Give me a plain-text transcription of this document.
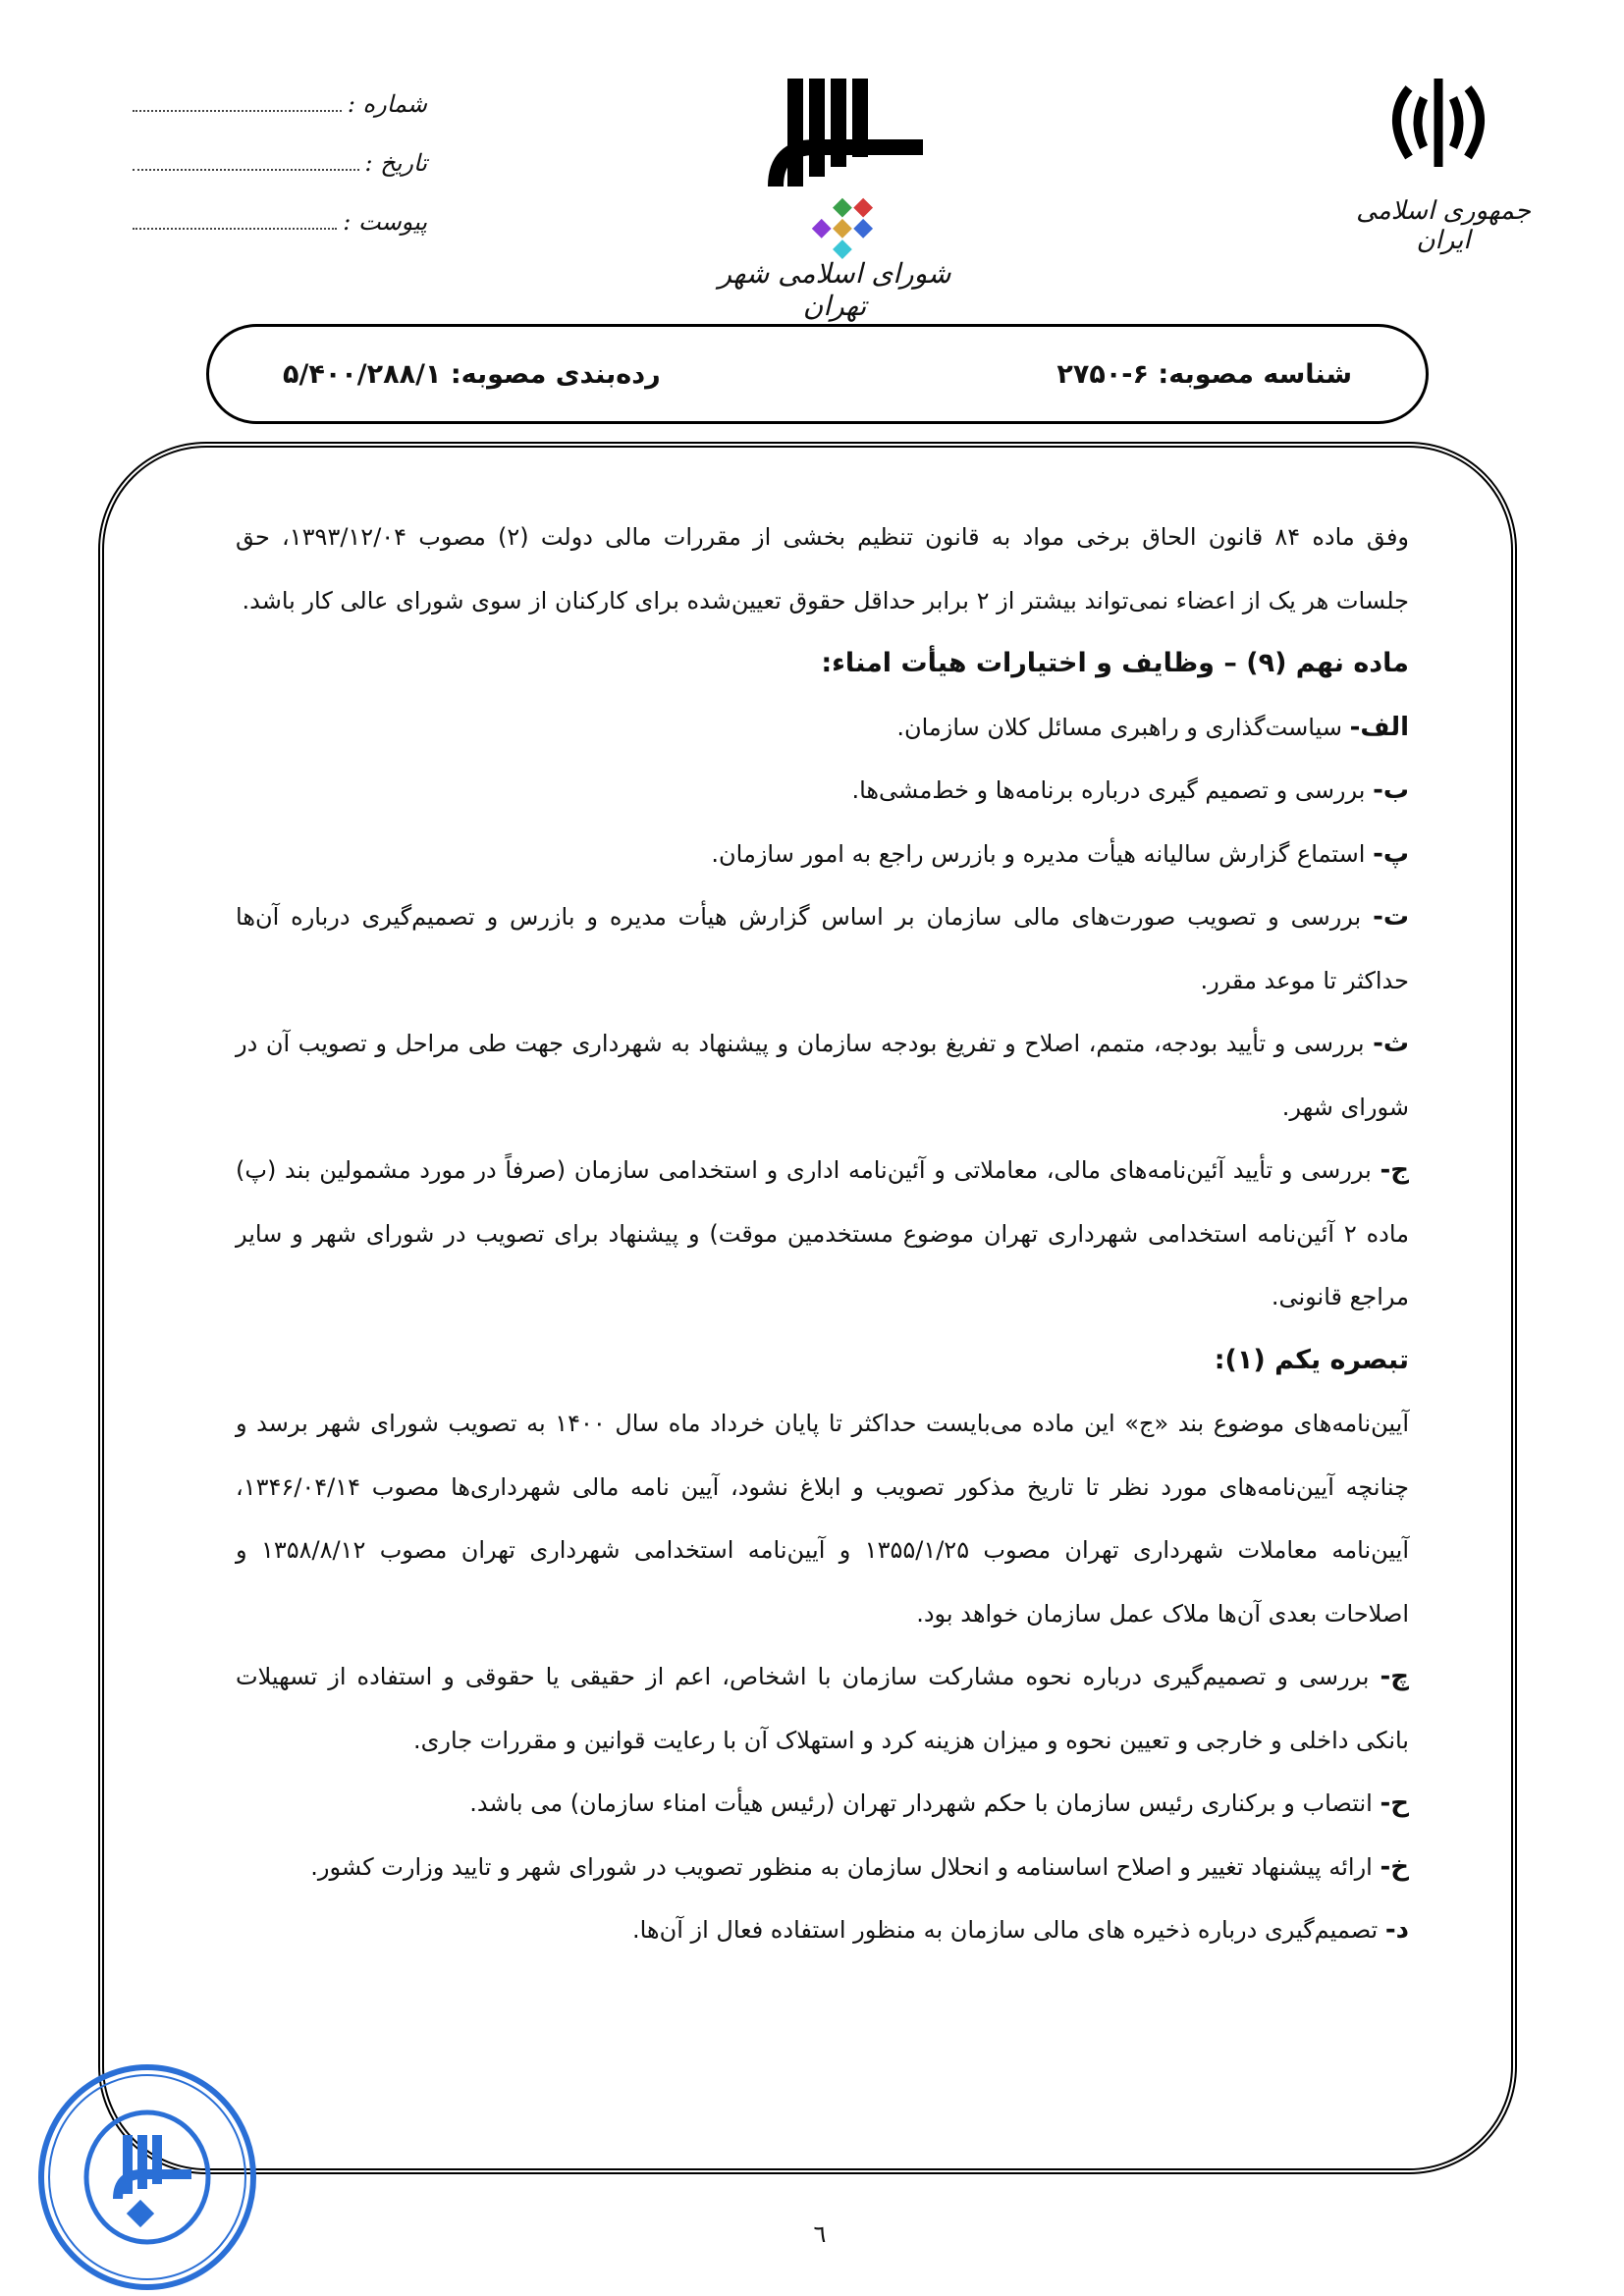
شماره :
تاریخ :
پیوست :
شورای اسلامی شهر تهران
جمهوری اسلامی ایران
شناسه مصوبه: ۶-۲۷۵۰
رده‌بندی مصوبه: ۵/۴۰۰/۲۸۸/۱

وفق ماده ۸۴ قانون الحاق برخی مواد به قانون تنظیم بخشی از مقررات مالی دولت (۲) مصوب ۱۳۹۳/۱۲/۰۴، حق جلسات هر یک از اعضاء نمی‌تواند بیشتر از ۲ برابر حداقل حقوق تعیین‌شده برای کارکنان از سوی شورای عالی کار باشد.

ماده نهم (۹) – وظایف و اختیارات هیأت امناء:

الف- سیاست‌گذاری و راهبری مسائل کلان سازمان.

ب- بررسی و تصمیم گیری درباره برنامه‌ها و خط‌مشی‌ها.

پ- استماع گزارش سالیانه هیأت مدیره و بازرس راجع به امور سازمان.

ت- بررسی و تصویب صورت‌های مالی سازمان بر اساس گزارش هیأت مدیره و بازرس و تصمیم‌گیری درباره آن‌ها حداکثر تا موعد مقرر.

ث- بررسی و تأیید بودجه، متمم، اصلاح و تفریغ بودجه سازمان و پیشنهاد به شهرداری جهت طی مراحل و تصویب آن در شورای شهر.

ج- بررسی و تأیید آئین‌نامه‌های مالی، معاملاتی و آئین‌نامه اداری و استخدامی سازمان (صرفاً در مورد مشمولین بند (پ) ماده ۲ آئین‌نامه استخدامی شهرداری تهران موضوع مستخدمین موقت) و پیشنهاد برای تصویب در شورای شهر و سایر مراجع قانونی.

تبصره یکم (۱):

آیین‌نامه‌های موضوع بند «ج» این ماده می‌بایست حداکثر تا پایان خرداد ماه سال ۱۴۰۰ به تصویب شورای شهر برسد و چنانچه آیین‌نامه‌های مورد نظر تا تاریخ مذکور تصویب و ابلاغ نشود، آیین نامه مالی شهرداری‌ها مصوب ۱۳۴۶/۰۴/۱۴، آیین‌نامه معاملات شهرداری تهران مصوب ۱۳۵۵/۱/۲۵ و آیین‌نامه استخدامی شهرداری تهران مصوب ۱۳۵۸/۸/۱۲ و اصلاحات بعدی آن‌ها ملاک عمل سازمان خواهد بود.

چ- بررسی و تصمیم‌گیری درباره نحوه مشارکت سازمان با اشخاص، اعم از حقیقی یا حقوقی و استفاده از تسهیلات بانکی داخلی و خارجی و تعیین نحوه و میزان هزینه کرد و استهلاک آن با رعایت قوانین و مقررات جاری.

ح- انتصاب و برکناری رئیس سازمان با حکم شهردار تهران (رئیس هیأت امناء سازمان) می باشد.

خ- ارائه پیشنهاد تغییر و اصلاح اساسنامه و انحلال سازمان به منظور تصویب در شورای شهر و تایید وزارت کشور.

د- تصمیم‌گیری درباره ذخیره های مالی سازمان به منظور استفاده فعال از آن‌ها.

٦
